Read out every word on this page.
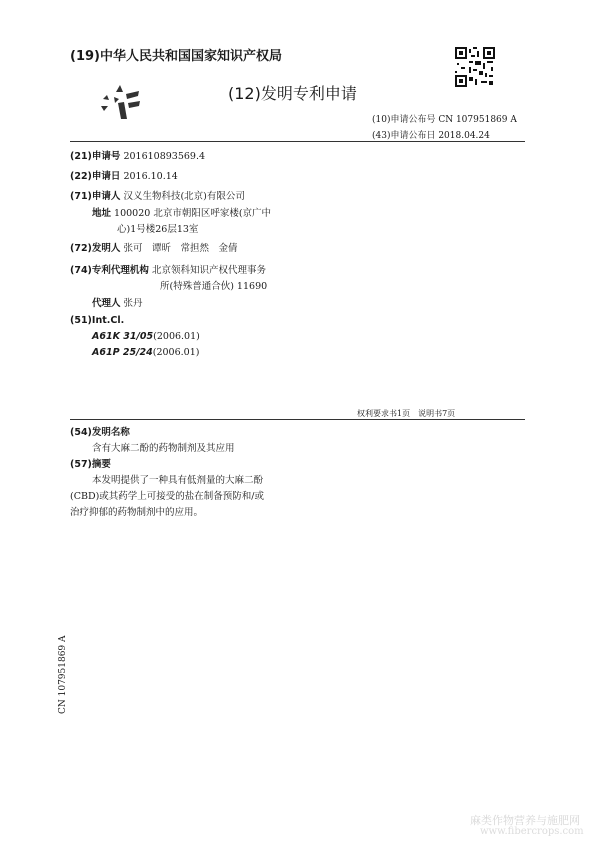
(19)中华人民共和国国家知识产权局
(12)发明专利申请
(10)申请公布号 CN 107951869 A
(43)申请公布日 2018.04.24
(21)申请号 201610893569.4
(22)申请日 2016.10.14
(71)申请人 汉义生物科技(北京)有限公司
地址 100020 北京市朝阳区呼家楼(京广中
心)1号楼26层13室
(72)发明人 张可　谭昕　常担然　金倩
(74)专利代理机构 北京领科知识产权代理事务
所(特殊普通合伙) 11690
代理人 张丹
(51)Int.Cl.
A61K 31/05(2006.01)
A61P 25/24(2006.01)
权利要求书1页　说明书7页
(54)发明名称
含有大麻二酚的药物制剂及其应用
(57)摘要
本发明提供了一种具有低剂量的大麻二酚
(CBD)或其药学上可接受的盐在制备预防和/或
治疗抑郁的药物制剂中的应用。
CN 107951869 A
麻类作物营养与施肥网
www.fibercrops.com
